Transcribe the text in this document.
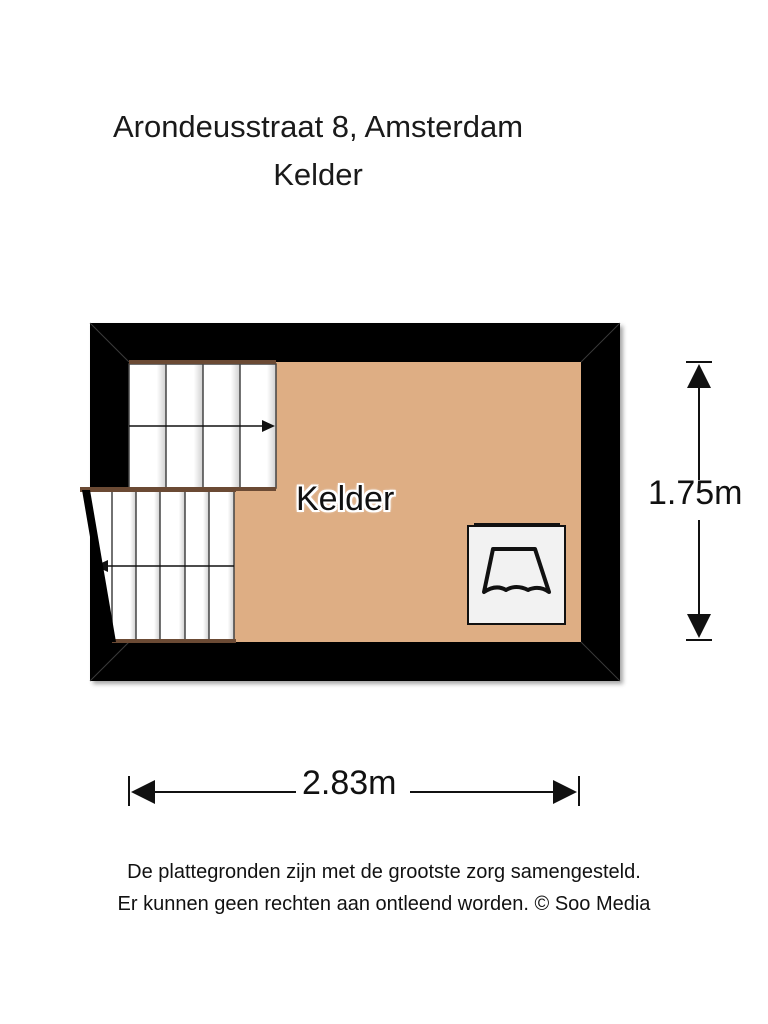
Arondeusstraat 8, Amsterdam
Kelder
Kelder	1.75m
2.83m
De plattegronden zijn met de grootste zorg samengesteld.
Er kunnen geen rechten aan ontleend worden. © Soo Media
